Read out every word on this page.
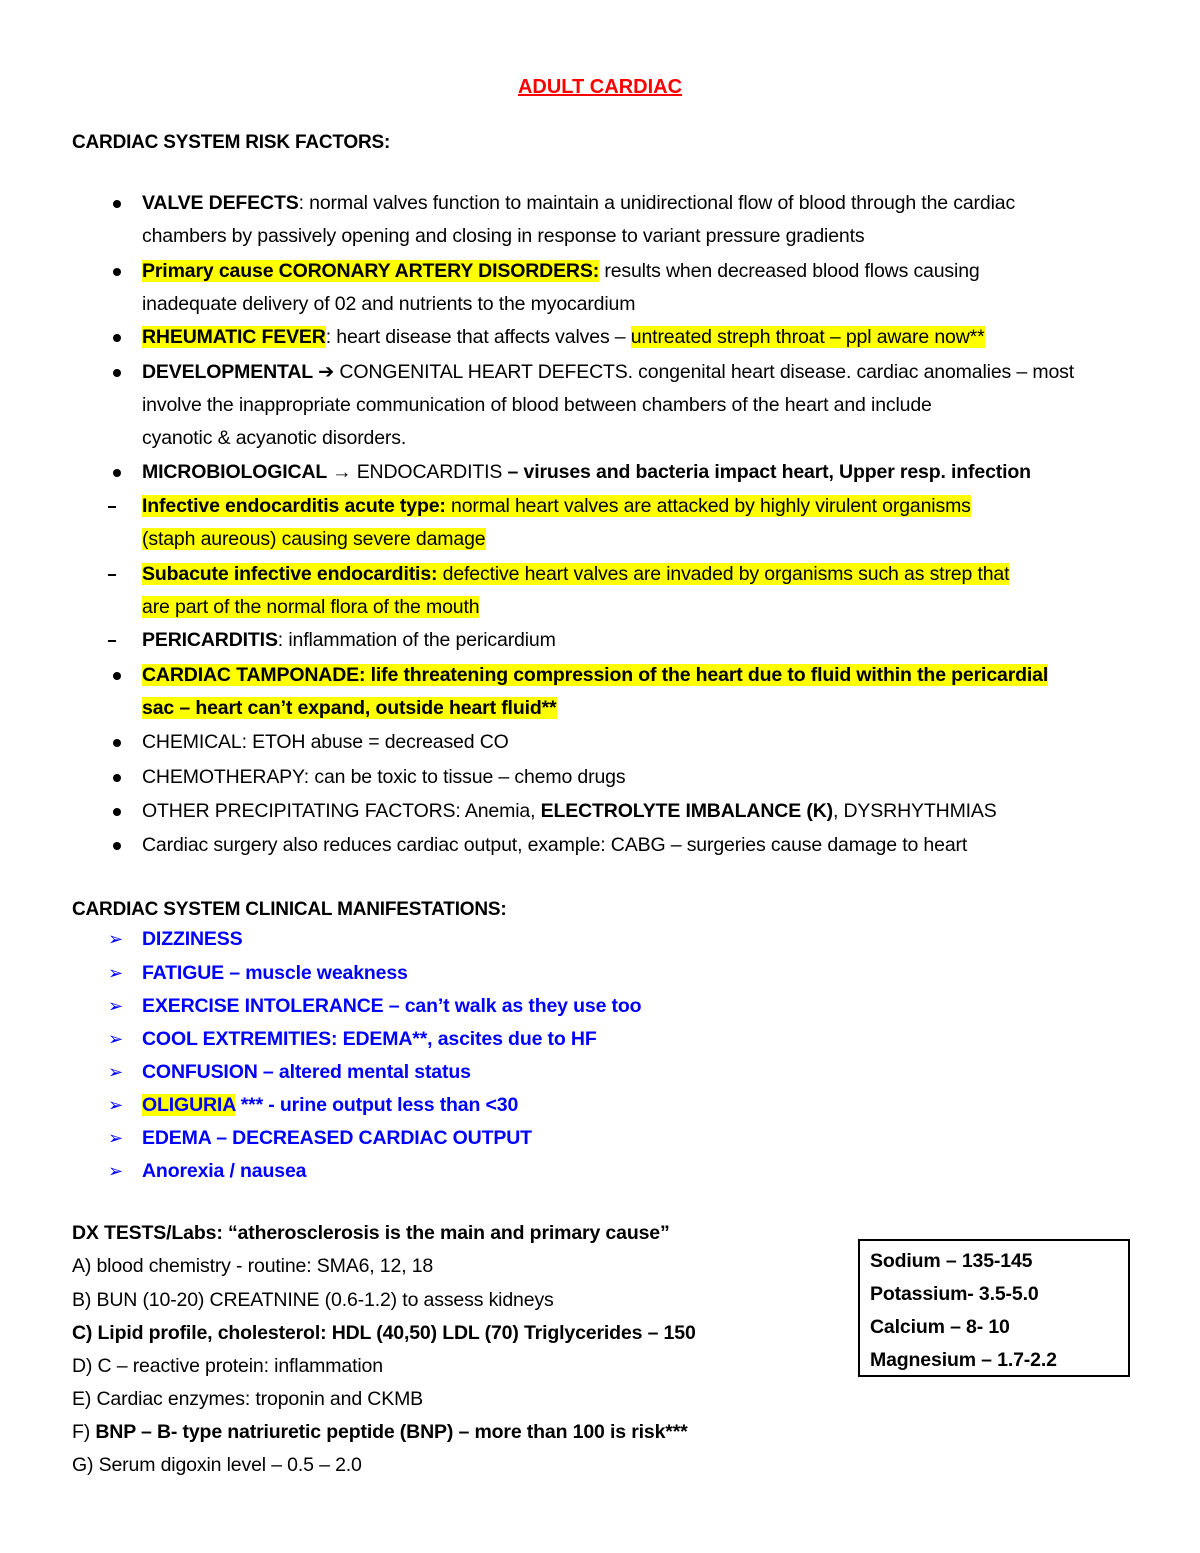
ADULT CARDIAC
CARDIAC SYSTEM RISK FACTORS:
VALVE DEFECTS: normal valves function to maintain a unidirectional flow of blood through the cardiac
chambers by passively opening and closing in response to variant pressure gradients
Primary cause CORONARY ARTERY DISORDERS: results when decreased blood flows causing
inadequate delivery of 02 and nutrients to the myocardium
RHEUMATIC FEVER: heart disease that affects valves – untreated streph throat – ppl aware now**
DEVELOPMENTAL ➔ CONGENITAL HEART DEFECTS. congenital heart disease. cardiac anomalies – most
involve the inappropriate communication of blood between chambers of the heart and include
cyanotic & acyanotic disorders.
MICROBIOLOGICAL → ENDOCARDITIS – viruses and bacteria impact heart, Upper resp. infection
Infective endocarditis acute type: normal heart valves are attacked by highly virulent organisms
(staph aureous) causing severe damage
Subacute infective endocarditis: defective heart valves are invaded by organisms such as strep that
are part of the normal flora of the mouth
PERICARDITIS: inflammation of the pericardium
CARDIAC TAMPONADE: life threatening compression of the heart due to fluid within the pericardial
sac – heart can’t expand, outside heart fluid**
CHEMICAL: ETOH abuse = decreased CO
CHEMOTHERAPY: can be toxic to tissue – chemo drugs
OTHER PRECIPITATING FACTORS: Anemia, ELECTROLYTE IMBALANCE (K), DYSRHYTHMIAS
Cardiac surgery also reduces cardiac output, example: CABG – surgeries cause damage to heart
CARDIAC SYSTEM CLINICAL MANIFESTATIONS:
➢ DIZZINESS
➢ FATIGUE – muscle weakness
➢ EXERCISE INTOLERANCE – can’t walk as they use too
➢ COOL EXTREMITIES: EDEMA**, ascites due to HF
➢ CONFUSION – altered mental status
➢ OLIGURIA *** - urine output less than <30
➢ EDEMA – DECREASED CARDIAC OUTPUT
➢ Anorexia / nausea
DX TESTS/Labs: “atherosclerosis is the main and primary cause”
A) blood chemistry - routine: SMA6, 12, 18
B) BUN (10-20) CREATNINE (0.6-1.2) to assess kidneys
C) Lipid profile, cholesterol: HDL (40,50) LDL (70) Triglycerides – 150
D) C – reactive protein: inflammation
E) Cardiac enzymes: troponin and CKMB
F) BNP – B- type natriuretic peptide (BNP) – more than 100 is risk***
G) Serum digoxin level – 0.5 – 2.0
Sodium – 135-145
Potassium- 3.5-5.0
Calcium – 8- 10
Magnesium – 1.7-2.2
